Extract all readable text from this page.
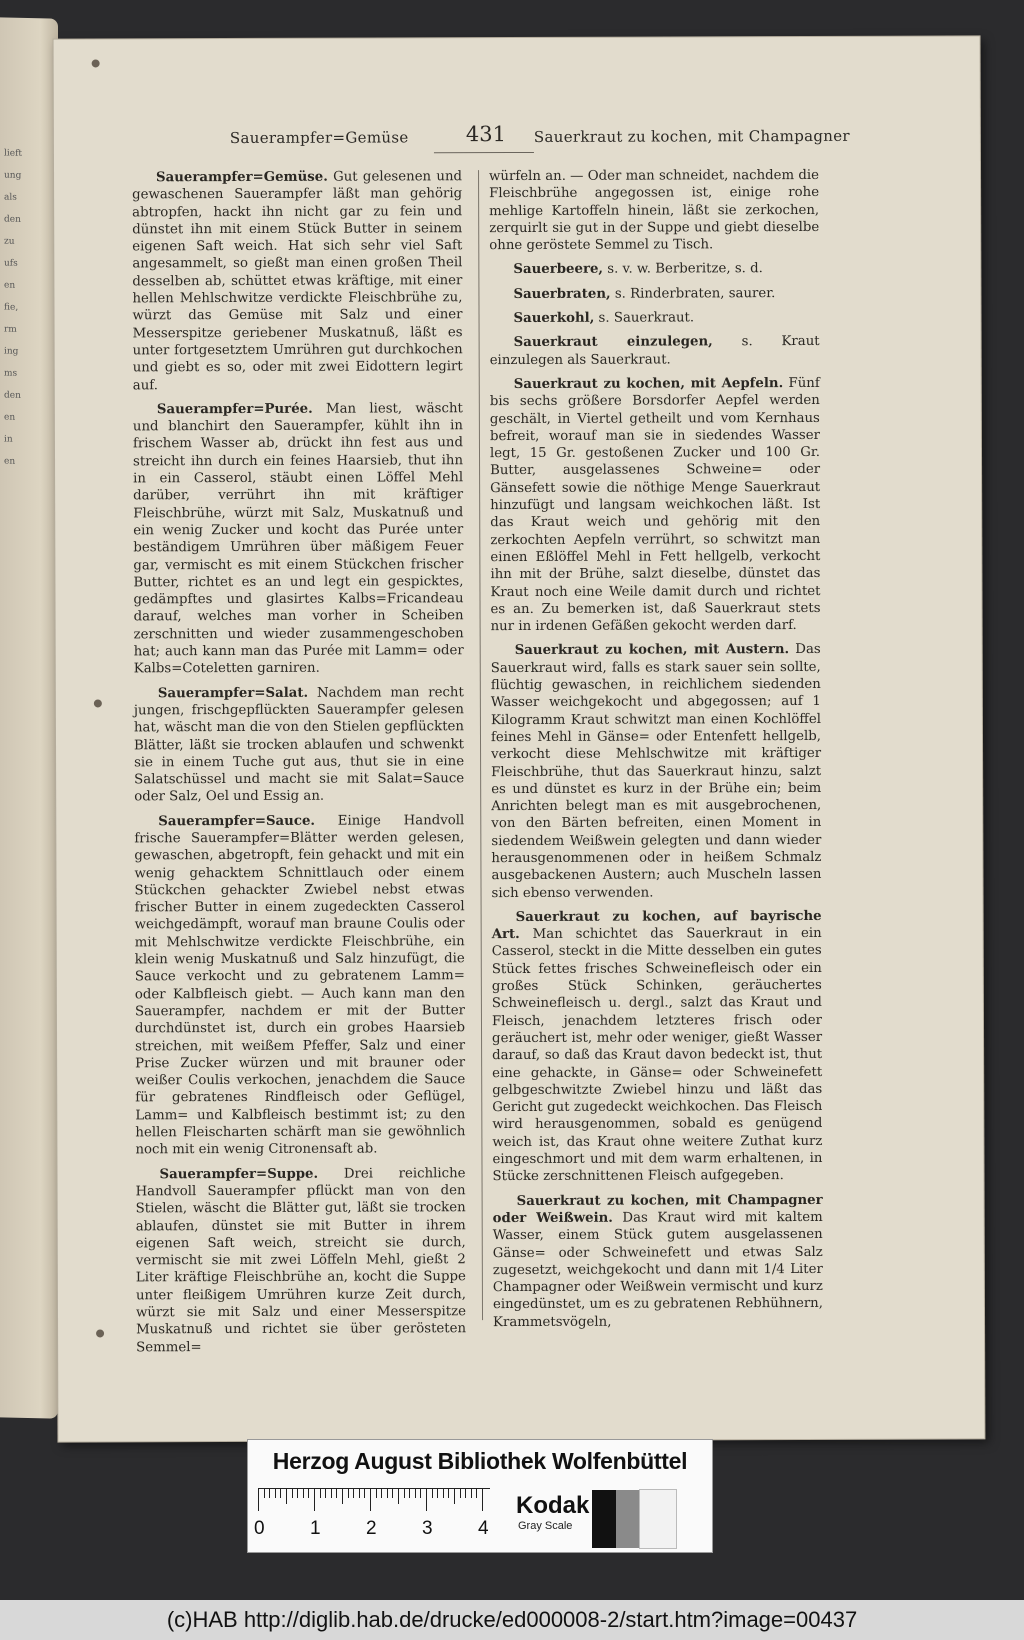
lieft
ung
als
den
zu
ufs
en
fie,
rm
ing
ms
den
en
in
en
Sauerampfer=Gemüse	431 Sauerkraut zu kochen, mit Champagner

Sauerampfer=Gemüse. Gut gelesenen und gewaschenen Sauerampfer läßt man gehörig abtropfen, hackt ihn nicht gar zu fein und dünstet ihn mit einem Stück Butter in seinem eigenen Saft weich. Hat sich sehr viel Saft angesammelt, so gießt man einen großen Theil desselben ab, schüttet etwas kräftige, mit einer hellen Mehlschwitze verdickte Fleischbrühe zu, würzt das Gemüse mit Salz und einer Messerspitze geriebener Muskatnuß, läßt es unter fortgesetztem Umrühren gut durchkochen und giebt es so, oder mit zwei Eidottern legirt auf.

Sauerampfer=Purée. Man liest, wäscht und blanchirt den Sauerampfer, kühlt ihn in frischem Wasser ab, drückt ihn fest aus und streicht ihn durch ein feines Haarsieb, thut ihn in ein Casserol, stäubt einen Löffel Mehl darüber, verrührt ihn mit kräftiger Fleischbrühe, würzt mit Salz, Muskatnuß und ein wenig Zucker und kocht das Purée unter beständigem Umrühren über mäßigem Feuer gar, vermischt es mit einem Stückchen frischer Butter, richtet es an und legt ein gespicktes, gedämpftes und glasirtes Kalbs=Fricandeau darauf, welches man vorher in Scheiben zerschnitten und wieder zusammengeschoben hat; auch kann man das Purée mit Lamm= oder Kalbs=Coteletten garniren.

Sauerampfer=Salat. Nachdem man recht jungen, frischgepflückten Sauerampfer gelesen hat, wäscht man die von den Stielen gepflückten Blätter, läßt sie trocken ablaufen und schwenkt sie in einem Tuche gut aus, thut sie in eine Salatschüssel und macht sie mit Salat=Sauce oder Salz, Oel und Essig an.

Sauerampfer=Sauce. Einige Handvoll frische Sauerampfer=Blätter werden gelesen, gewaschen, abgetropft, fein gehackt und mit ein wenig gehacktem Schnittlauch oder einem Stückchen gehackter Zwiebel nebst etwas frischer Butter in einem zugedeckten Casserol weichgedämpft, worauf man braune Coulis oder mit Mehlschwitze verdickte Fleischbrühe, ein klein wenig Muskatnuß und Salz hinzufügt, die Sauce verkocht und zu gebratenem Lamm= oder Kalbfleisch giebt. — Auch kann man den Sauerampfer, nachdem er mit der Butter durchdünstet ist, durch ein grobes Haarsieb streichen, mit weißem Pfeffer, Salz und einer Prise Zucker würzen und mit brauner oder weißer Coulis verkochen, jenachdem die Sauce für gebratenes Rindfleisch oder Geflügel, Lamm= und Kalbfleisch bestimmt ist; zu den hellen Fleischarten schärft man sie gewöhnlich noch mit ein wenig Citronensaft ab.

Sauerampfer=Suppe. Drei reichliche Handvoll Sauerampfer pflückt man von den Stielen, wäscht die Blätter gut, läßt sie trocken ablaufen, dünstet sie mit Butter in ihrem eigenen Saft weich, streicht sie durch, vermischt sie mit zwei Löffeln Mehl, gießt 2 Liter kräftige Fleischbrühe an, kocht die Suppe unter fleißigem Umrühren kurze Zeit durch, würzt sie mit Salz und einer Messerspitze Muskatnuß und richtet sie über gerösteten Semmel=

würfeln an. — Oder man schneidet, nachdem die Fleischbrühe angegossen ist, einige rohe mehlige Kartoffeln hinein, läßt sie zerkochen, zerquirlt sie gut in der Suppe und giebt dieselbe ohne geröstete Semmel zu Tisch.

Sauerbeere, s. v. w. Berberitze, s. d.

Sauerbraten, s. Rinderbraten, saurer.

Sauerkohl, s. Sauerkraut.

Sauerkraut einzulegen, s. Kraut einzulegen als Sauerkraut.

Sauerkraut zu kochen, mit Aepfeln. Fünf bis sechs größere Borsdorfer Aepfel werden geschält, in Viertel getheilt und vom Kernhaus befreit, worauf man sie in siedendes Wasser legt, 15 Gr. gestoßenen Zucker und 100 Gr. Butter, ausgelassenes Schweine= oder Gänsefett sowie die nöthige Menge Sauerkraut hinzufügt und langsam weichkochen läßt. Ist das Kraut weich und gehörig mit den zerkochten Aepfeln verrührt, so schwitzt man einen Eßlöffel Mehl in Fett hellgelb, verkocht ihn mit der Brühe, salzt dieselbe, dünstet das Kraut noch eine Weile damit durch und richtet es an. Zu bemerken ist, daß Sauerkraut stets nur in irdenen Gefäßen gekocht werden darf.

Sauerkraut zu kochen, mit Austern. Das Sauerkraut wird, falls es stark sauer sein sollte, flüchtig gewaschen, in reichlichem siedenden Wasser weichgekocht und abgegossen; auf 1 Kilogramm Kraut schwitzt man einen Kochlöffel feines Mehl in Gänse= oder Entenfett hellgelb, verkocht diese Mehlschwitze mit kräftiger Fleischbrühe, thut das Sauerkraut hinzu, salzt es und dünstet es kurz in der Brühe ein; beim Anrichten belegt man es mit ausgebrochenen, von den Bärten befreiten, einen Moment in siedendem Weißwein gelegten und dann wieder herausgenommenen oder in heißem Schmalz ausgebackenen Austern; auch Muscheln lassen sich ebenso verwenden.

Sauerkraut zu kochen, auf bayrische Art. Man schichtet das Sauerkraut in ein Casserol, steckt in die Mitte desselben ein gutes Stück fettes frisches Schweinefleisch oder ein großes Stück Schinken, geräuchertes Schweinefleisch u. dergl., salzt das Kraut und Fleisch, jenachdem letzteres frisch oder geräuchert ist, mehr oder weniger, gießt Wasser darauf, so daß das Kraut davon bedeckt ist, thut eine gehackte, in Gänse= oder Schweinefett gelbgeschwitzte Zwiebel hinzu und läßt das Gericht gut zugedeckt weichkochen. Das Fleisch wird herausgenommen, sobald es genügend weich ist, das Kraut ohne weitere Zuthat kurz eingeschmort und mit dem warm erhaltenen, in Stücke zerschnittenen Fleisch aufgegeben.

Sauerkraut zu kochen, mit Champagner oder Weißwein. Das Kraut wird mit kaltem Wasser, einem Stück gutem ausgelassenen Gänse= oder Schweinefett und etwas Salz zugesetzt, weichgekocht und dann mit 1/4 Liter Champagner oder Weißwein vermischt und kurz eingedünstet, um es zu gebratenen Rebhühnern, Krammetsvögeln,

Herzog August Bibliothek Wolfenbüttel
0 1 2 3 4
Kodak
Gray Scale
(c)HAB http://diglib.hab.de/drucke/ed000008-2/start.htm?image=00437
